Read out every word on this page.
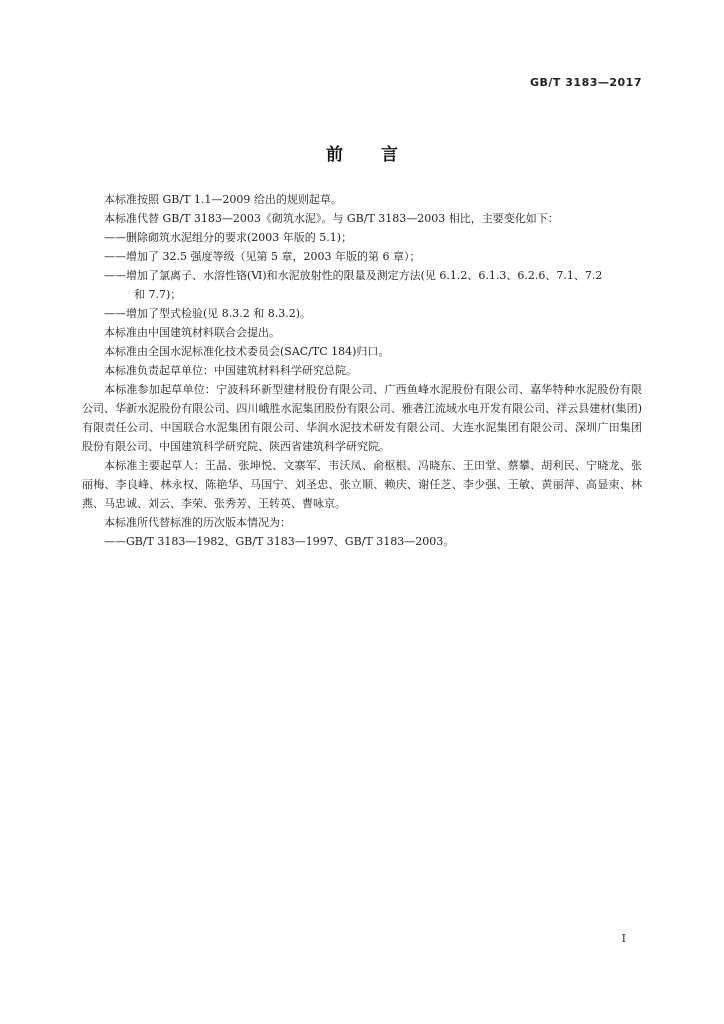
GB/T 3183—2017
前言

本标准按照 GB/T 1.1—2009 给出的规则起草。

本标准代替 GB/T 3183—2003《砌筑水泥》。与 GB/T 3183—2003 相比，主要变化如下：

——删除砌筑水泥组分的要求(2003 年版的 5.1)；

——增加了 32.5 强度等级（见第 5 章，2003 年版的第 6 章）；

——增加了氯离子、水溶性铬(Ⅵ)和水泥放射性的限量及测定方法(见 6.1.2、6.1.3、6.2.6、7.1、7.2
和 7.7)；

——增加了型式检验(见 8.3.2 和 8.3.2)。

本标准由中国建筑材料联合会提出。

本标准由全国水泥标准化技术委员会(SAC/TC 184)归口。

本标准负责起草单位：中国建筑材料科学研究总院。

本标准参加起草单位：宁波科环新型建材股份有限公司、广西鱼峰水泥股份有限公司、嘉华特种水泥股份有限公司、华新水泥股份有限公司、四川峨胜水泥集团股份有限公司、雅砻江流域水电开发有限公司、祥云县建材(集团)有限责任公司、中国联合水泥集团有限公司、华润水泥技术研发有限公司、大连水泥集团有限公司、深圳广田集团股份有限公司、中国建筑科学研究院、陕西省建筑科学研究院。

本标准主要起草人：王晶、张坤悦、文寨军、韦沃凤、俞枢根、冯晓东、王田堂、蔡攀、胡利民、宁晓龙、张丽梅、李良峰、林永权、陈艳华、马国宁、刘圣忠、张立顺、赖庆、谢任芝、李少强、王敏、黄丽萍、高显束、林燕、马忠诚、刘云、李荣、张秀芳、王转英、曹咏京。

本标准所代替标准的历次版本情况为：

——GB/T 3183—1982、GB/T 3183—1997、GB/T 3183—2003。

I
